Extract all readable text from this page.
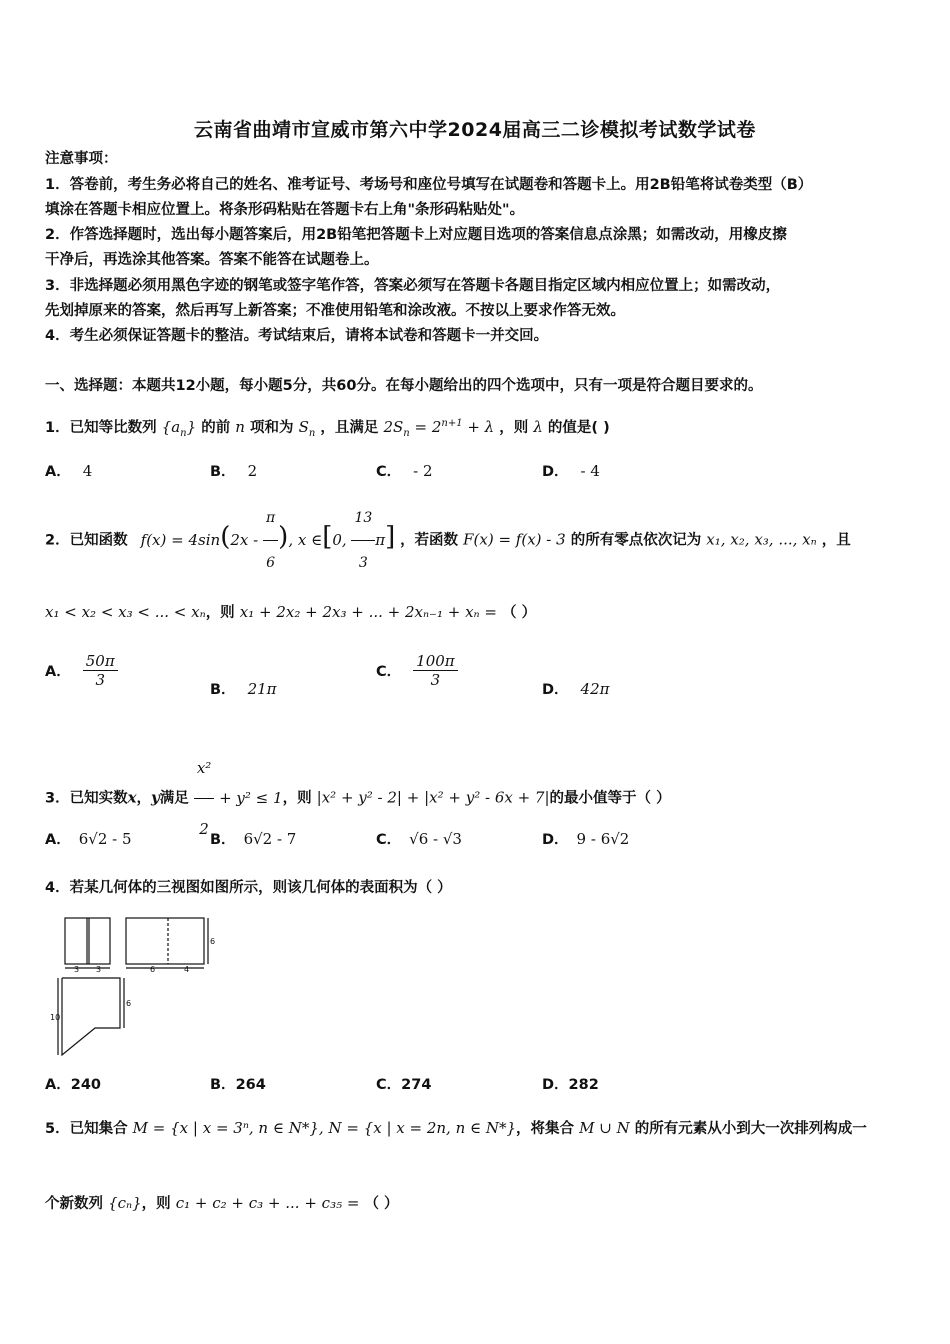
云南省曲靖市宣威市第六中学2024届高三二诊模拟考试数学试卷
注意事项：
1．答卷前，考生务必将自己的姓名、准考证号、考场号和座位号填写在试题卷和答题卡上。用2B铅笔将试卷类型（B）
填涂在答题卡相应位置上。将条形码粘贴在答题卡右上角"条形码粘贴处"。
2．作答选择题时，选出每小题答案后，用2B铅笔把答题卡上对应题目选项的答案信息点涂黑；如需改动，用橡皮擦
干净后，再选涂其他答案。答案不能答在试题卷上。
3．非选择题必须用黑色字迹的钢笔或签字笔作答，答案必须写在答题卡各题目指定区域内相应位置上；如需改动，
先划掉原来的答案，然后再写上新答案；不准使用铅笔和涂改液。不按以上要求作答无效。
4．考生必须保证答题卡的整洁。考试结束后，请将本试卷和答题卡一并交回。
一、选择题：本题共12小题，每小题5分，共60分。在每小题给出的四个选项中，只有一项是符合题目要求的。
1．已知等比数列 $\{a_n\}$ 的前 n 项和为 $S_n$ ，且满足 $2S_n = 2^{n+1} + \lambda$ ，则 λ 的值是( )
A． 4	B． 2	C． - 2	D． - 4
2．已知函数 $f(x) = 4\sin(2x - \frac{\pi}{6}$ ), x ∈[0, $\frac{13}{3} \pi$] ，若函数 F(x) = f(x) - 3 的所有零点依次记为 x₁, x₂, x₃, ..., xₙ ，且
x₁ < x₂ < x₃ < ... < xₙ，则 x₁ + 2x₂ + 2x₃ + ... + 2xₙ₋₁ + xₙ = （ ）
A． $\frac{50\pi}{3}$
B． 21π
C． $\frac{100\pi}{3}$
D． 42π
3．已知实数x，y满足 $\frac{\text{x²}}{2} + y^2 \le 1$，则 |x² + y² - 2| + |x² + y² - 6x + 7|的最小值等于（ ）
A． 6√2 - 5	B． 6√2 - 7	C． √6 - √3	D． 9 - 6√2
4．若某几何体的三视图如图所示，则该几何体的表面积为（ ）
3 3	6	4
6
6
10
A．240	B．264	C．274	D．282
5．已知集合 M = {x | x = 3ⁿ, n ∈ N*}, N = {x | x = 2n, n ∈ N*}，将集合 M ∪ N 的所有元素从小到大一次排列构成一
个新数列 {cₙ}，则 c₁ + c₂ + c₃ + ... + c₃₅ = （ ）
